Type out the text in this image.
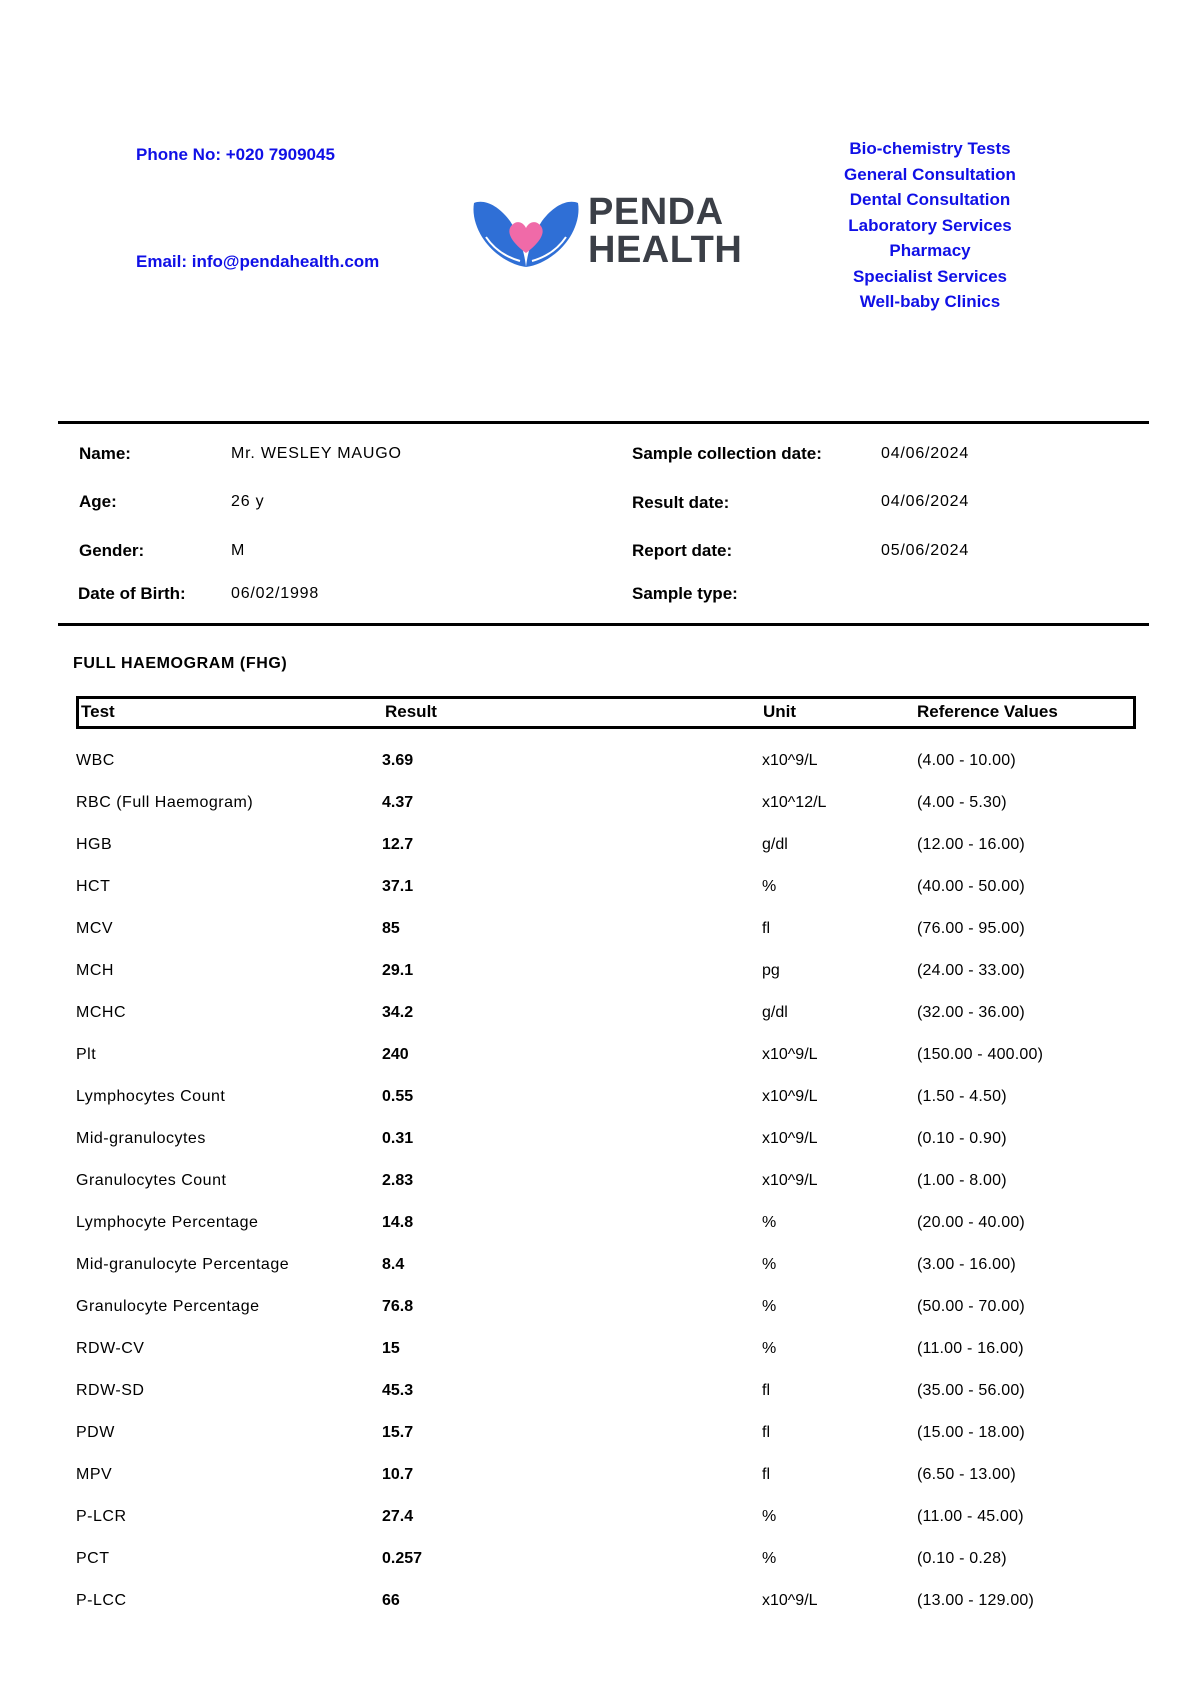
Phone No: +020 7909045
Email: info@pendahealth.com
PENDA
HEALTH
Bio-chemistry Tests
General Consultation
Dental Consultation
Laboratory Services
Pharmacy
Specialist Services
Well-baby Clinics
Name:	Mr. WESLEY MAUGO
Age:	26 y
Gender:	M
Date of Birth:	06/02/1998
Sample collection date:	04/06/2024
Result date:	04/06/2024
Report date:	05/06/2024
Sample type:
FULL HAEMOGRAM (FHG)
Test	Result	Unit	Reference Values
WBC	3.69	x10^9/L	(4.00 - 10.00)
RBC (Full Haemogram)	4.37	x10^12/L	(4.00 - 5.30)
HGB	12.7	g/dl	(12.00 - 16.00)
HCT	37.1	%	(40.00 - 50.00)
MCV	85	fl	(76.00 - 95.00)
MCH	29.1	pg	(24.00 - 33.00)
MCHC	34.2	g/dl	(32.00 - 36.00)
Plt	240	x10^9/L	(150.00 - 400.00)
Lymphocytes Count	0.55	x10^9/L	(1.50 - 4.50)
Mid-granulocytes	0.31	x10^9/L	(0.10 - 0.90)
Granulocytes Count	2.83	x10^9/L	(1.00 - 8.00)
Lymphocyte Percentage	14.8	%	(20.00 - 40.00)
Mid-granulocyte Percentage	8.4	%	(3.00 - 16.00)
Granulocyte Percentage	76.8	%	(50.00 - 70.00)
RDW-CV	15	%	(11.00 - 16.00)
RDW-SD	45.3	fl	(35.00 - 56.00)
PDW	15.7	fl	(15.00 - 18.00)
MPV	10.7	fl	(6.50 - 13.00)
P-LCR	27.4	%	(11.00 - 45.00)
PCT	0.257	%	(0.10 - 0.28)
P-LCC	66	x10^9/L	(13.00 - 129.00)
